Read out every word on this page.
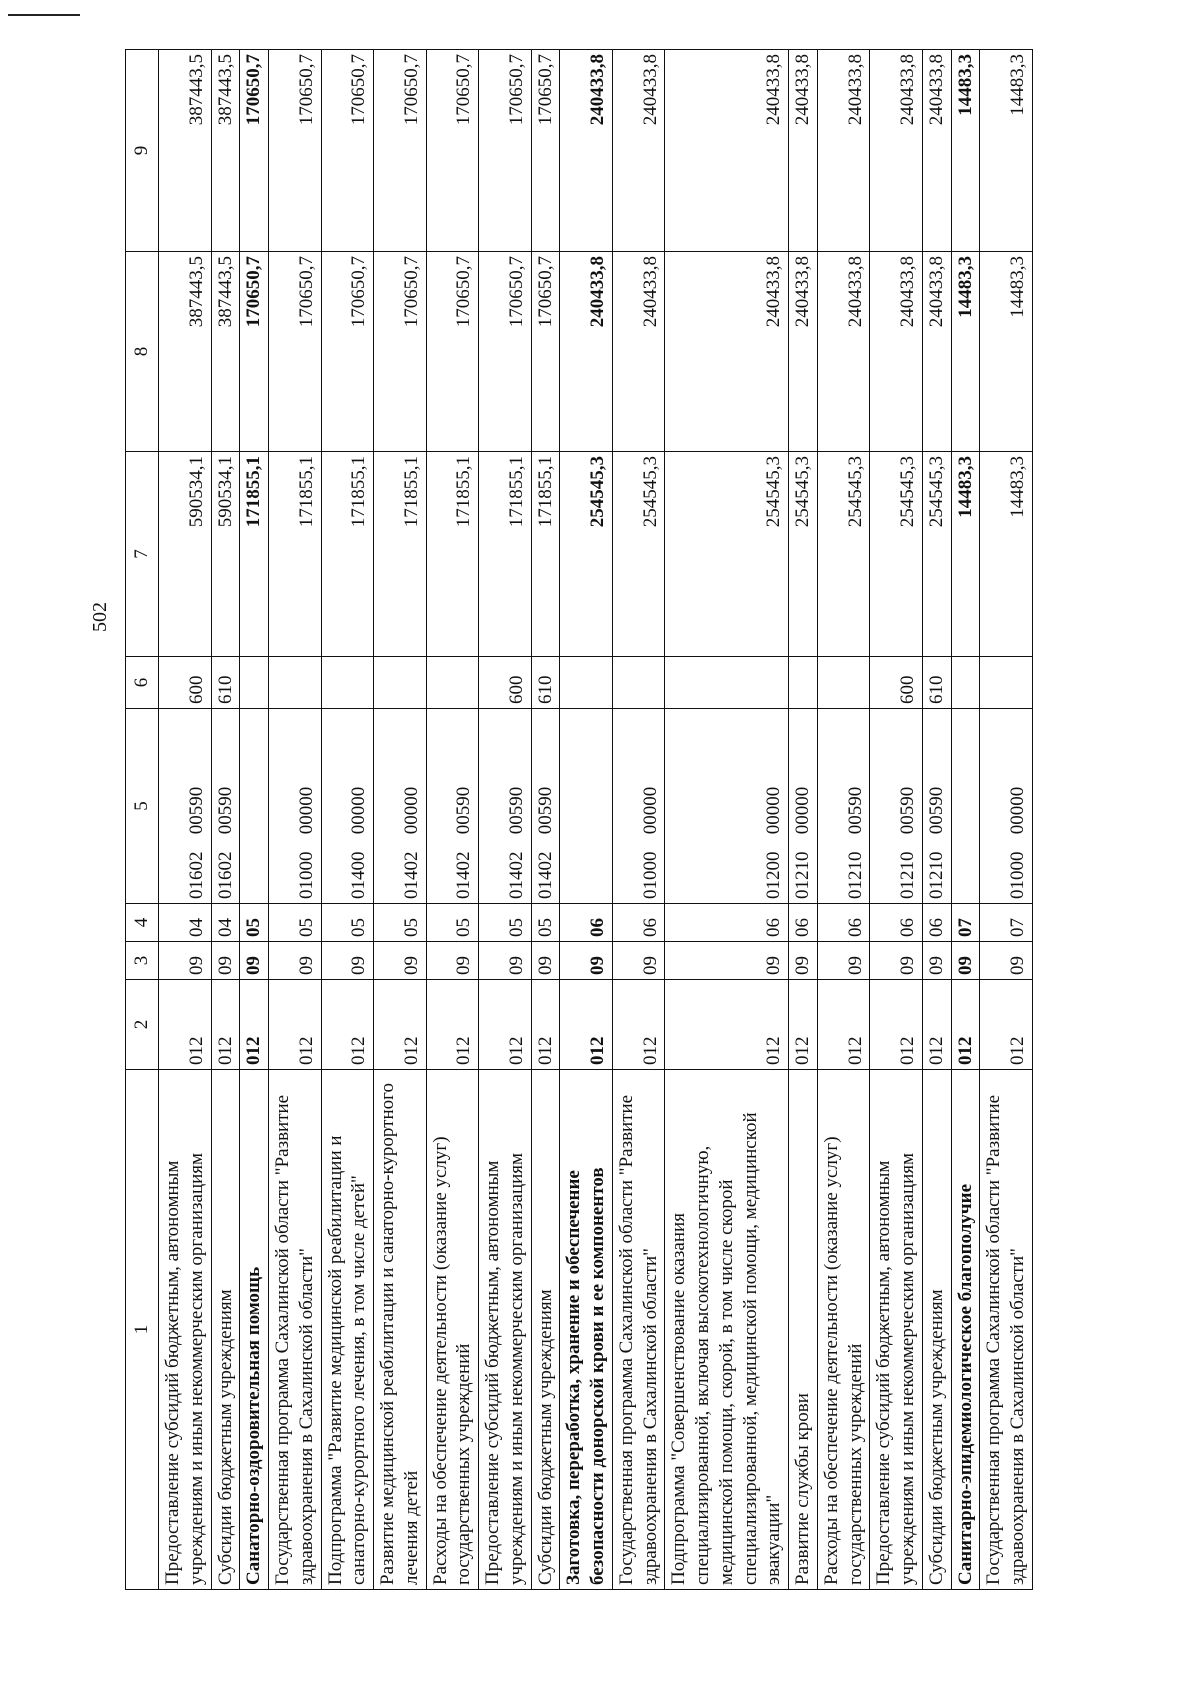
502
1	2	3	4	5	6	7	8	9
Предоставление субсидий бюджетным, автономным учреждениям и иным некоммерческим организациям	012	09	04	01602 00590	600	590534,1	387443,5	387443,5
Субсидии бюджетным учреждениям	012	09	04	01602 00590	610	590534,1	387443,5	387443,5
Санаторно-оздоровительная помощь	012	09	05			171855,1	170650,7	170650,7
Государственная программа Сахалинской области "Развитие здравоохранения в Сахалинской области"	012	09	05	01000 00000		171855,1	170650,7	170650,7
Подпрограмма "Развитие медицинской реабилитации и санаторно-курортного лечения, в том числе детей"	012	09	05	01400 00000		171855,1	170650,7	170650,7
Развитие медицинской реабилитации и санаторно-курортного лечения детей	012	09	05	01402 00000		171855,1	170650,7	170650,7
Расходы на обеспечение деятельности (оказание услуг) государственных учреждений	012	09	05	01402 00590		171855,1	170650,7	170650,7
Предоставление субсидий бюджетным, автономным учреждениям и иным некоммерческим организациям	012	09	05	01402 00590	600	171855,1	170650,7	170650,7
Субсидии бюджетным учреждениям	012	09	05	01402 00590	610	171855,1	170650,7	170650,7
Заготовка, переработка, хранение и обеспечение безопасности донорской крови и ее компонентов	012	09	06			254545,3	240433,8	240433,8
Государственная программа Сахалинской области "Развитие здравоохранения в Сахалинской области"	012	09	06	01000 00000		254545,3	240433,8	240433,8
Подпрограмма "Совершенствование оказания специализированной, включая высокотехнологичную, медицинской помощи, скорой, в том числе скорой специализированной, медицинской помощи, медицинской эвакуации"	012	09	06	01200 00000		254545,3	240433,8	240433,8
Развитие службы крови	012	09	06	01210 00000		254545,3	240433,8	240433,8
Расходы на обеспечение деятельности (оказание услуг) государственных учреждений	012	09	06	01210 00590		254545,3	240433,8	240433,8
Предоставление субсидий бюджетным, автономным учреждениям и иным некоммерческим организациям	012	09	06	01210 00590	600	254545,3	240433,8	240433,8
Субсидии бюджетным учреждениям	012	09	06	01210 00590	610	254545,3	240433,8	240433,8
Санитарно-эпидемиологическое благополучие	012	09	07			14483,3	14483,3	14483,3
Государственная программа Сахалинской области "Развитие здравоохранения в Сахалинской области"	012	09	07	01000 00000		14483,3	14483,3	14483,3
